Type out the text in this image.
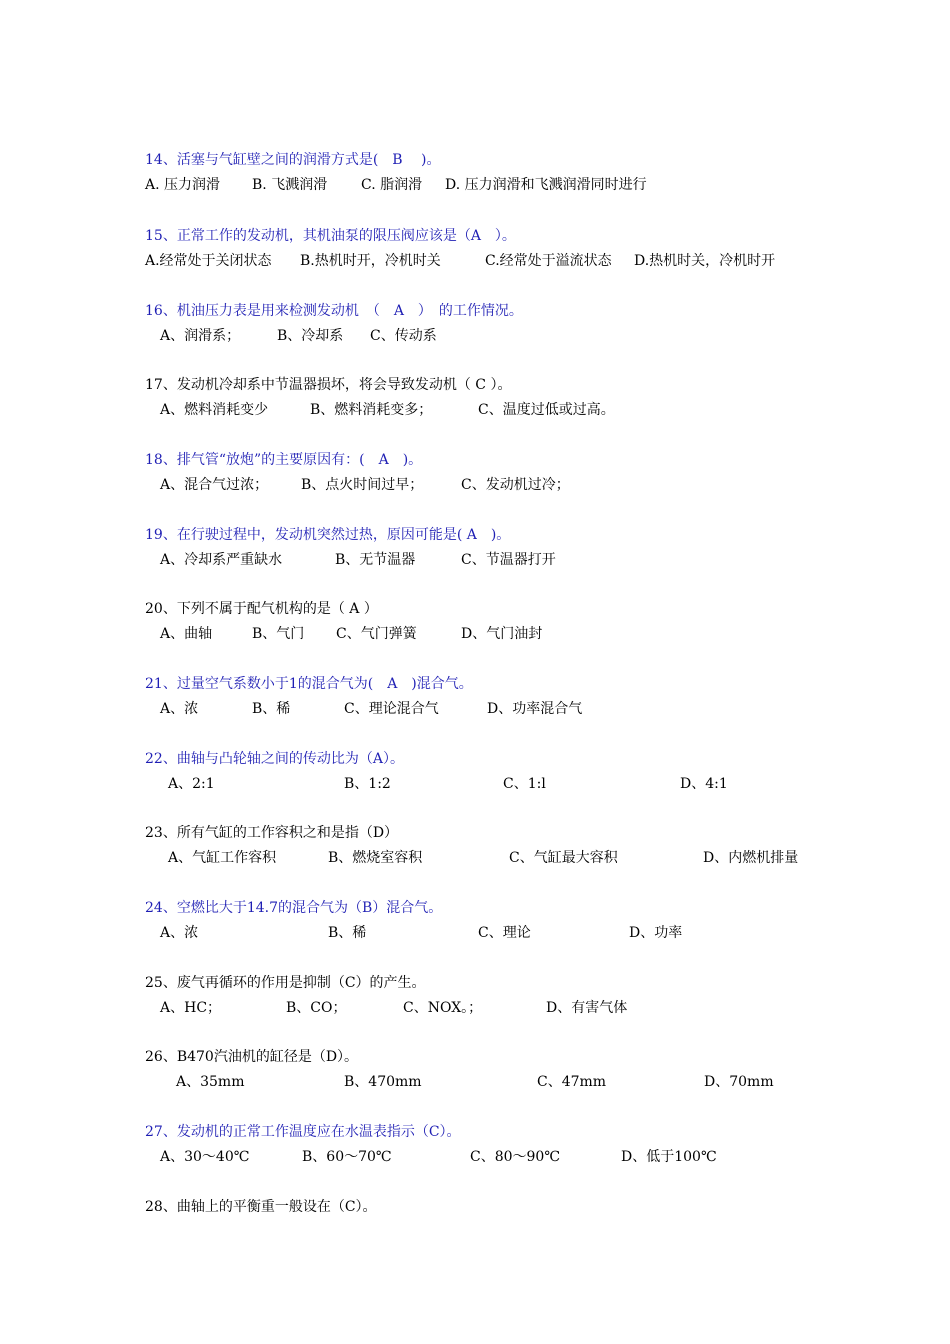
14、活塞与气缸壁之间的润滑方式是(　B　 )。
A. 压力润滑 B. 飞溅润滑 C. 脂润滑 D. 压力润滑和飞溅润滑同时进行
15、正常工作的发动机，其机油泵的限压阀应该是（A　）。
A.经常处于关闭状态 B.热机时开，冷机时关	C.经常处于溢流状态 D.热机时关，冷机时开
16、机油压力表是用来检测发动机　（　A　）　的工作情况。
A、润滑系；	B、冷却系 C、传动系
17、发动机冷却系中节温器损坏，将会导致发动机（ C ）。
A、燃料消耗变少	B、燃料消耗变多；	C、温度过低或过高。
18、排气管“放炮”的主要原因有：(　A　)。
A、混合气过浓； B、点火时间过早；	C、发动机过冷；
19、在行驶过程中，发动机突然过热，原因可能是( A　)。
A、冷却系严重缺水	B、无节温器	C、节温器打开
20、下列不属于配气机构的是（ A ）
A、曲轴	B、气门 C、气门弹簧	D、气门油封
21、过量空气系数小于1的混合气为(　A　)混合气。
A、浓	B、稀	C、理论混合气	D、功率混合气
22、曲轴与凸轮轴之间的传动比为（A）。
A、2:1	B、1:2	C、1:l	D、4:1
23、所有气缸的工作容积之和是指（D）
A、气缸工作容积	B、燃烧室容积	C、气缸最大容积	D、内燃机排量
24、空燃比大于14.7的混合气为（B）混合气。
A、浓	B、稀	C、理论	D、功率
25、废气再循环的作用是抑制（C）的产生。
A、HC；	B、CO；	C、NOX。；	D、有害气体
26、B470汽油机的缸径是（D）。
A、35mm	B、470mm	C、47mm	D、70mm
27、发动机的正常工作温度应在水温表指示（C）。
A、30～40℃	B、60～70℃	C、80～90℃	D、低于100℃
28、曲轴上的平衡重一般设在（C）。
